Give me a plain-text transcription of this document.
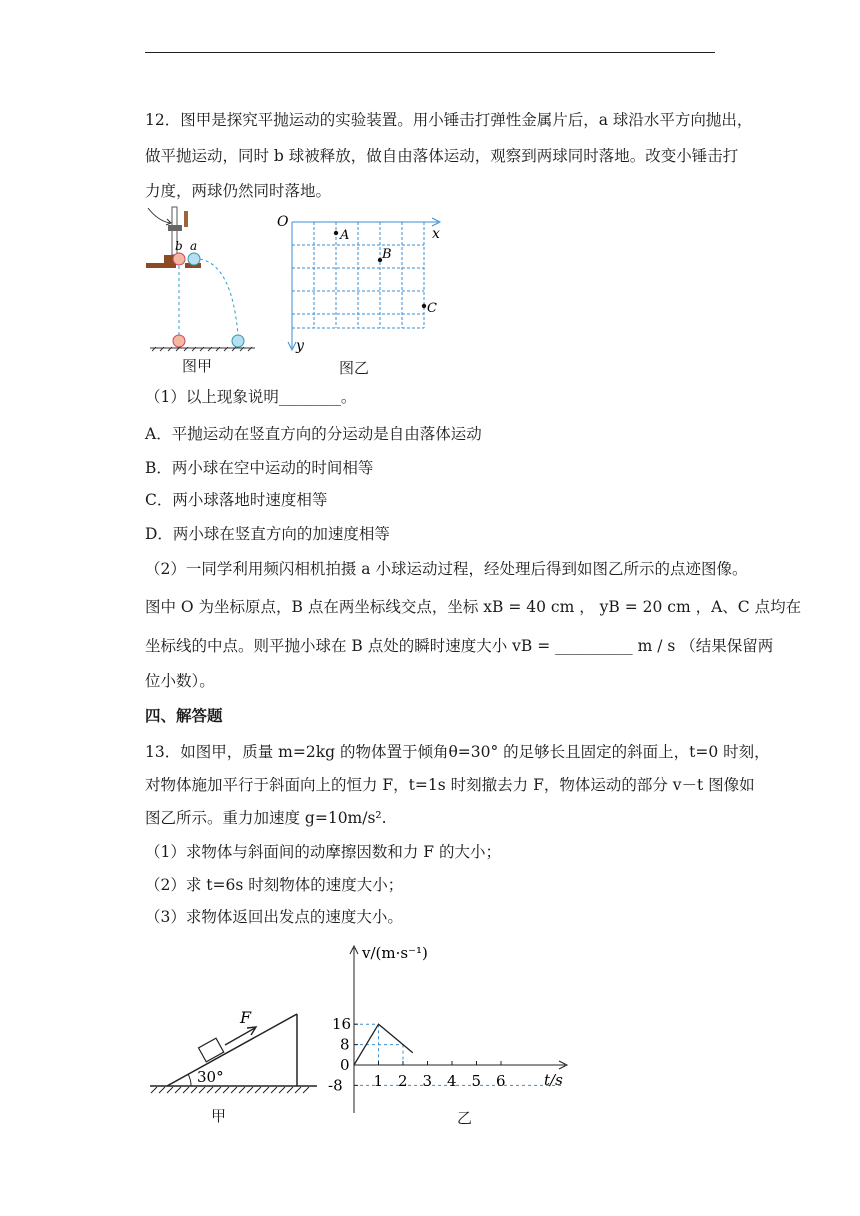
12．图甲是探究平抛运动的实验装置。用小锤击打弹性金属片后，a 球沿水平方向抛出，
做平抛运动，同时 b 球被释放，做自由落体运动，观察到两球同时落地。改变小锤击打
力度，两球仍然同时落地。
b a
图甲
O
x
y
A
B
C
图乙
（1）以上现象说明________。
A．平抛运动在竖直方向的分运动是自由落体运动
B．两小球在空中运动的时间相等
C．两小球落地时速度相等
D．两小球在竖直方向的加速度相等
（2）一同学利用频闪相机拍摄 a 小球运动过程，经处理后得到如图乙所示的点迹图像。
图中 O 为坐标原点，B 点在两坐标线交点，坐标 xB = 40 cm ， yB = 20 cm ，A、C 点均在
坐标线的中点。则平抛小球在 B 点处的瞬时速度大小 vB = __________ m / s （结果保留两
位小数）。
四、解答题
13．如图甲，质量 m=2kg 的物体置于倾角θ=30° 的足够长且固定的斜面上，t=0 时刻，
对物体施加平行于斜面向上的恒力 F，t=1s 时刻撤去力 F，物体运动的部分 v－t 图像如
图乙所示。重力加速度 g=10m/s².
（1）求物体与斜面间的动摩擦因数和力 F 的大小；
（2）求 t=6s 时刻物体的速度大小；
（3）求物体返回出发点的速度大小。
F
30°
甲
v/(m·s⁻¹)
t/s
1 2 3 4 5 6
16
8
0
-8
乙
